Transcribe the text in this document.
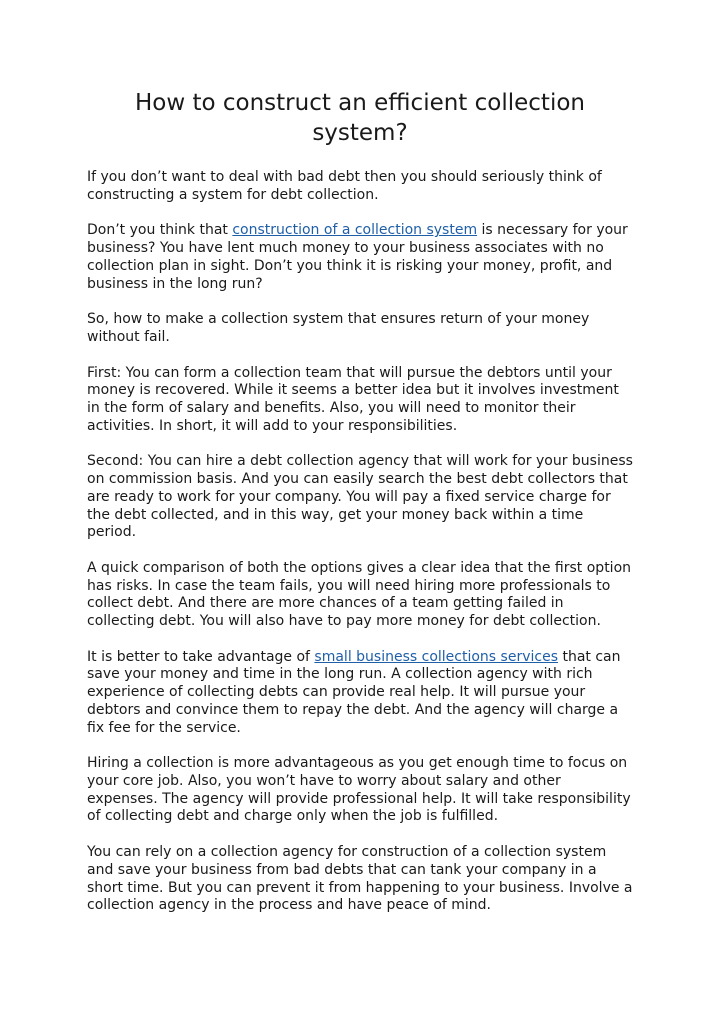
How to construct an efficient collection system?

If you don’t want to deal with bad debt then you should seriously think of constructing a system for debt collection.

Don’t you think that construction of a collection system is necessary for your business? You have lent much money to your business associates with no collection plan in sight. Don’t you think it is risking your money, profit, and business in the long run?

So, how to make a collection system that ensures return of your money without fail.

First: You can form a collection team that will pursue the debtors until your money is recovered. While it seems a better idea but it involves investment in the form of salary and benefits. Also, you will need to monitor their activities. In short, it will add to your responsibilities.

Second: You can hire a debt collection agency that will work for your business on commission basis. And you can easily search the best debt collectors that are ready to work for your company. You will pay a fixed service charge for the debt collected, and in this way, get your money back within a time period.

A quick comparison of both the options gives a clear idea that the first option has risks. In case the team fails, you will need hiring more professionals to collect debt. And there are more chances of a team getting failed in collecting debt. You will also have to pay more money for debt collection.

It is better to take advantage of small business collections services that can save your money and time in the long run. A collection agency with rich experience of collecting debts can provide real help. It will pursue your debtors and convince them to repay the debt. And the agency will charge a fix fee for the service.

Hiring a collection is more advantageous as you get enough time to focus on your core job. Also, you won’t have to worry about salary and other expenses. The agency will provide professional help. It will take responsibility of collecting debt and charge only when the job is fulfilled.

You can rely on a collection agency for construction of a collection system and save your business from bad debts that can tank your company in a short time. But you can prevent it from happening to your business. Involve a collection agency in the process and have peace of mind.
